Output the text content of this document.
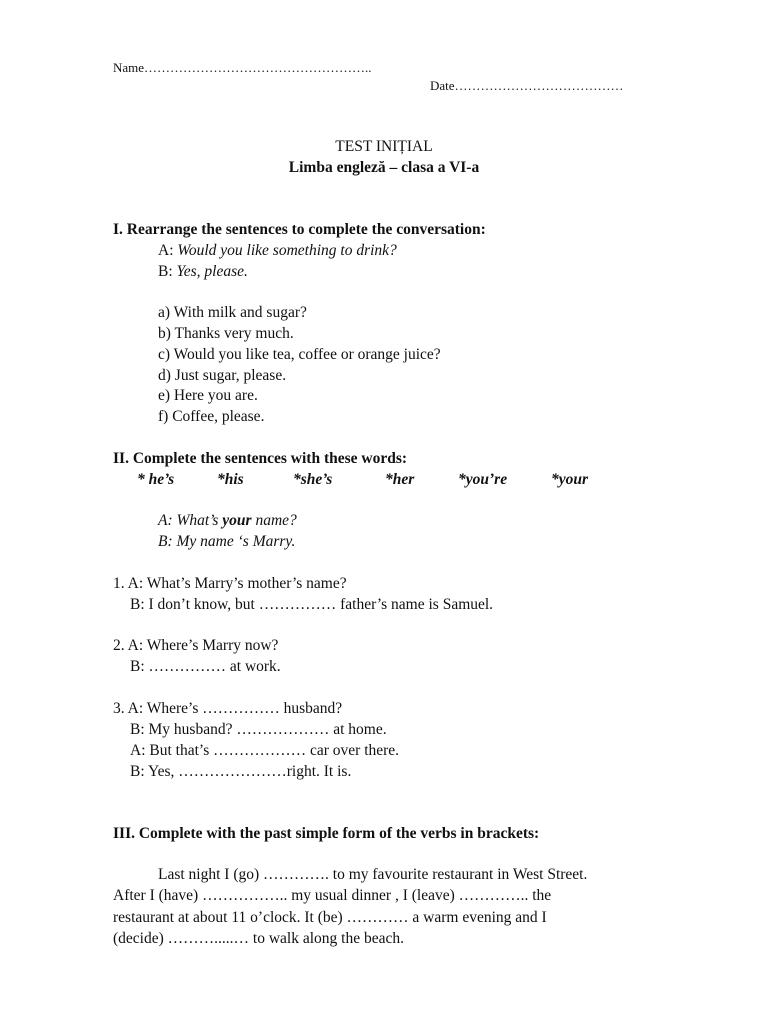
Name……………………………………………..
Date…………………………………
TEST INIȚIAL
Limba engleză – clasa a VI-a
I. Rearrange the sentences to complete the conversation:
A: Would you like something to drink?
B: Yes, please.
a) With milk and sugar?
b) Thanks very much.
c) Would you like tea, coffee or orange juice?
d) Just sugar, please.
e) Here you are.
f) Coffee, please.
II. Complete the sentences with these words:
* he’s	*his	*she’s	*her	*you’re	*your
A: What’s your name?
B: My name ‘s Marry.
1. A: What’s Marry’s mother’s name?
B: I don’t know, but …………… father’s name is Samuel.
2. A: Where’s Marry now?
B: …………… at work.
3. A: Where’s …………… husband?
B: My husband? ……………… at home.
A: But that’s ……………… car over there.
B: Yes, …………………right. It is.
III. Complete with the past simple form of the verbs in brackets:
Last night I (go) …………. to my favourite restaurant in West Street.
After I (have) …………….. my usual dinner , I (leave) ………….. the
restaurant at about 11 o’clock. It (be) ………… a warm evening and I
(decide) ……….....… to walk along the beach.
